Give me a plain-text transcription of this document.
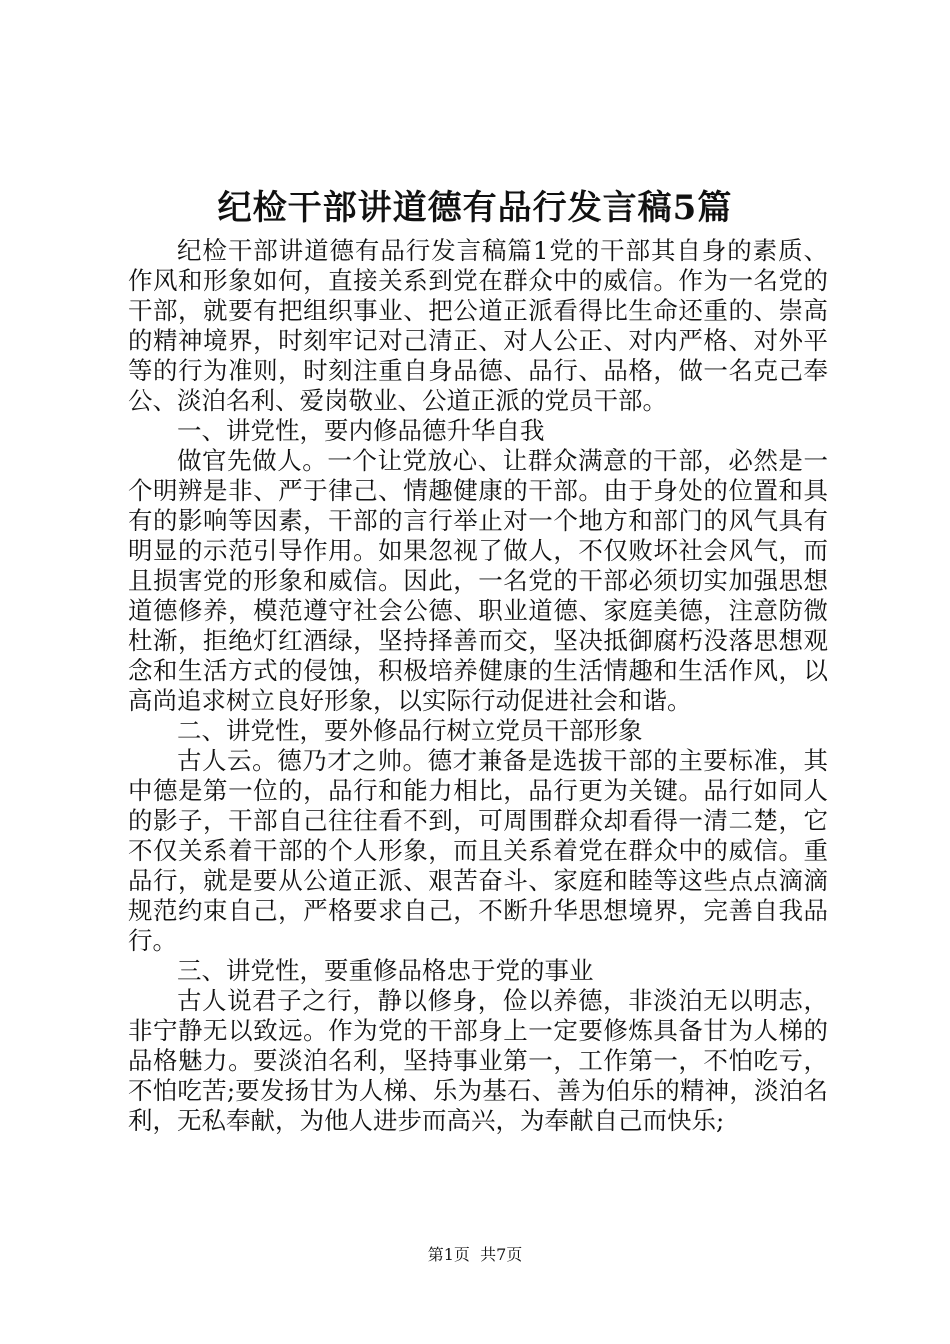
纪检干部讲道德有品行发言稿5篇

纪检干部讲道德有品行发言稿篇1党的干部其自身的素质、作风和形象如何，直接关系到党在群众中的威信。作为一名党的干部，就要有把组织事业、把公道正派看得比生命还重的、崇高的精神境界，时刻牢记对己清正、对人公正、对内严格、对外平等的行为准则，时刻注重自身品德、品行、品格，做一名克己奉公、淡泊名利、爱岗敬业、公道正派的党员干部。

一、讲党性，要内修品德升华自我

做官先做人。一个让党放心、让群众满意的干部，必然是一个明辨是非、严于律己、情趣健康的干部。由于身处的位置和具有的影响等因素，干部的言行举止对一个地方和部门的风气具有明显的示范引导作用。如果忽视了做人，不仅败坏社会风气，而且损害党的形象和威信。因此，一名党的干部必须切实加强思想道德修养，模范遵守社会公德、职业道德、家庭美德，注意防微杜渐，拒绝灯红酒绿，坚持择善而交，坚决抵御腐朽没落思想观念和生活方式的侵蚀，积极培养健康的生活情趣和生活作风，以高尚追求树立良好形象，以实际行动促进社会和谐。

二、讲党性，要外修品行树立党员干部形象

古人云。德乃才之帅。德才兼备是选拔干部的主要标准，其中德是第一位的，品行和能力相比，品行更为关键。品行如同人的影子，干部自己往往看不到，可周围群众却看得一清二楚，它不仅关系着干部的个人形象，而且关系着党在群众中的威信。重品行，就是要从公道正派、艰苦奋斗、家庭和睦等这些点点滴滴规范约束自己，严格要求自己，不断升华思想境界，完善自我品行。

三、讲党性，要重修品格忠于党的事业

古人说君子之行，静以修身，俭以养德，非淡泊无以明志，非宁静无以致远。作为党的干部身上一定要修炼具备甘为人梯的品格魅力。要淡泊名利，坚持事业第一，工作第一，不怕吃亏，不怕吃苦;要发扬甘为人梯、乐为基石、善为伯乐的精神，淡泊名利，无私奉献，为他人进步而高兴，为奉献自己而快乐;

第1页 共7页
